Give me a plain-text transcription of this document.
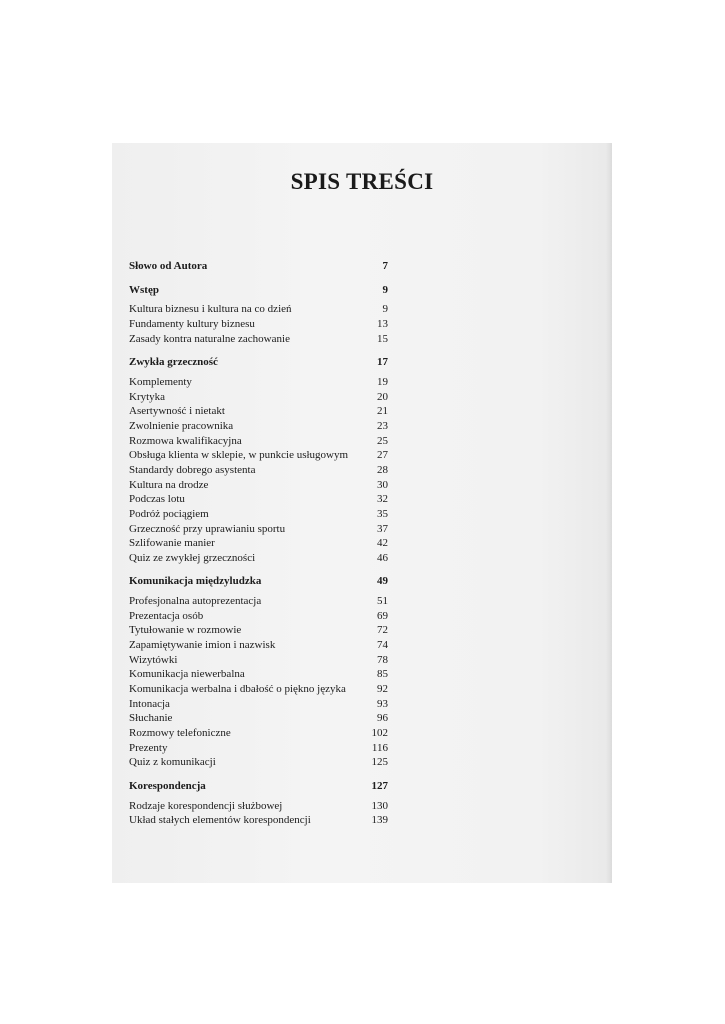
SPIS TREŚCI
Słowo od Autora	7
Wstęp	9
Kultura biznesu i kultura na co dzień	9
Fundamenty kultury biznesu	13
Zasady kontra naturalne zachowanie	15
Zwykła grzeczność	17
Komplementy	19
Krytyka	20
Asertywność i nietakt	21
Zwolnienie pracownika	23
Rozmowa kwalifikacyjna	25
Obsługa klienta w sklepie, w punkcie usługowym	27
Standardy dobrego asystenta	28
Kultura na drodze	30
Podczas lotu	32
Podróż pociągiem	35
Grzeczność przy uprawianiu sportu	37
Szlifowanie manier	42
Quiz ze zwykłej grzeczności	46
Komunikacja międzyludzka	49
Profesjonalna autoprezentacja	51
Prezentacja osób	69
Tytułowanie w rozmowie	72
Zapamiętywanie imion i nazwisk	74
Wizytówki	78
Komunikacja niewerbalna	85
Komunikacja werbalna i dbałość o piękno języka	92
Intonacja	93
Słuchanie	96
Rozmowy telefoniczne	102
Prezenty	116
Quiz z komunikacji	125
Korespondencja	127
Rodzaje korespondencji służbowej	130
Układ stałych elementów korespondencji	139
